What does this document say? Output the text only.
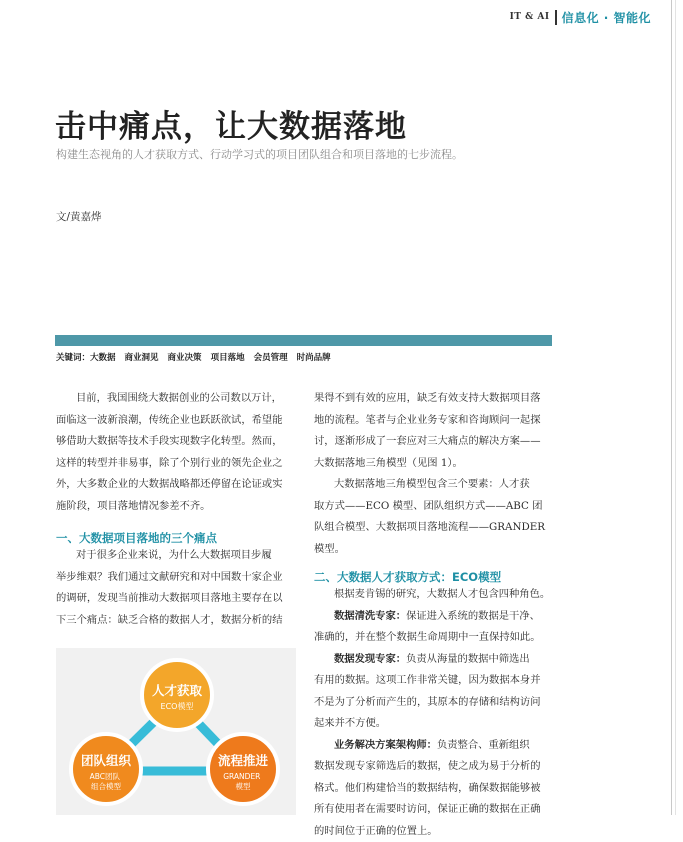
IT & AI 信息化 · 智能化
击中痛点，让大数据落地
构建生态视角的人才获取方式、行动学习式的项目团队组合和项目落地的七步流程。
文/黄嘉烨
关键词：大数据 商业洞见 商业决策 项目落地 会员管理 时尚品牌
目前，我国围绕大数据创业的公司数以万计，
面临这一波新浪潮，传统企业也跃跃欲试，希望能
够借助大数据等技术手段实现数字化转型。然而，
这样的转型并非易事，除了个别行业的领先企业之
外，大多数企业的大数据战略都还停留在论证或实
施阶段，项目落地情况参差不齐。
一、大数据项目落地的三个痛点
对于很多企业来说，为什么大数据项目步履
举步维艰？我们通过文献研究和对中国数十家企业
的调研，发现当前推动大数据项目落地主要存在以
下三个痛点：缺乏合格的数据人才，数据分析的结
人才获取
ECO模型
团队组织
ABC团队 组合模型
流程推进
GRANDER 模型
果得不到有效的应用，缺乏有效支持大数据项目落
地的流程。笔者与企业业务专家和咨询顾问一起探
讨，逐渐形成了一套应对三大痛点的解决方案——
大数据落地三角模型（见图 1）。
大数据落地三角模型包含三个要素：人才获
取方式——ECO 模型、团队组织方式——ABC 团
队组合模型、大数据项目落地流程——GRANDER
模型。
二、大数据人才获取方式：ECO模型
根据麦肯锡的研究，大数据人才包含四种角色。
数据清洗专家：保证进入系统的数据是干净、
准确的，并在整个数据生命周期中一直保持如此。
数据发现专家：负责从海量的数据中筛选出
有用的数据。这项工作非常关键，因为数据本身并
不是为了分析而产生的，其原本的存储和结构访问
起来并不方便。
业务解决方案架构师：负责整合、重新组织
数据发现专家筛选后的数据，使之成为易于分析的
格式。他们构建恰当的数据结构，确保数据能够被
所有使用者在需要时访问，保证正确的数据在正确
的时间位于正确的位置上。
